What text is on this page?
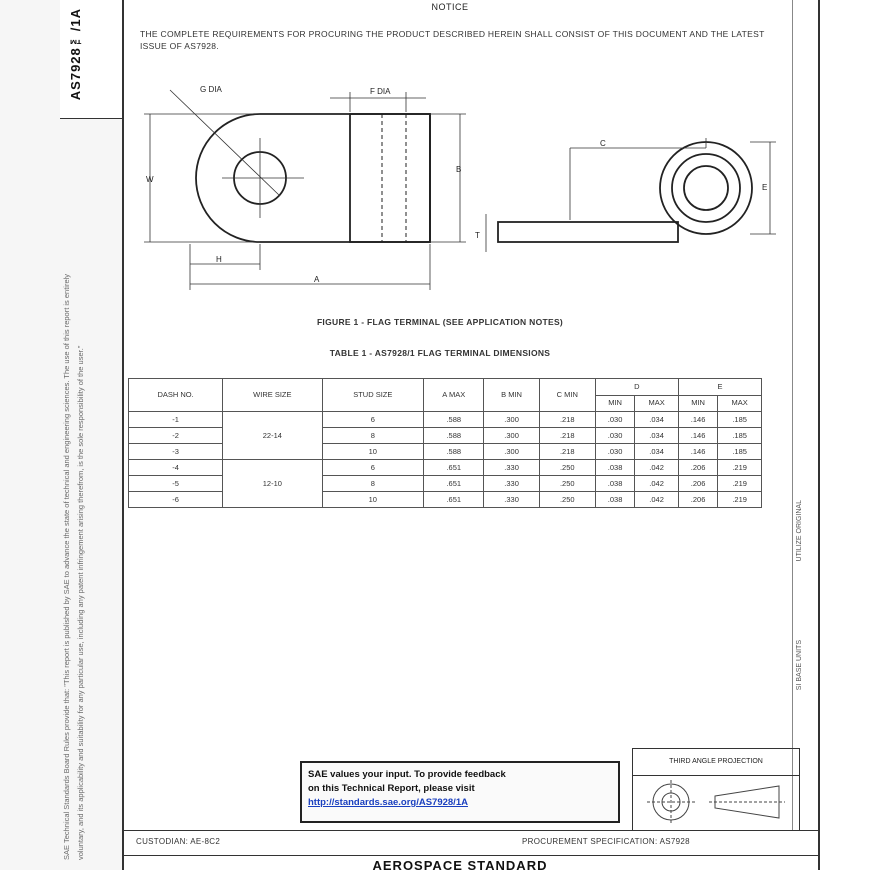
AS7928™/1A
SAE Technical Standards Board Rules provide that: "This report is published by SAE to advance the state of technical and engineering sciences. The use of this report is entirely voluntary, and its applicability and suitability for any particular use, including any patent infringement arising therefrom, is the sole responsibility of the user."
NOTICE
THE COMPLETE REQUIREMENTS FOR PROCURING THE PRODUCT DESCRIBED HEREIN SHALL CONSIST OF THIS DOCUMENT AND THE LATEST ISSUE OF AS7928.
G DIA	F DIA
W
B
H
A
C
T
E
FIGURE 1 - FLAG TERMINAL (SEE APPLICATION NOTES)
TABLE 1 - AS7928/1 FLAG TERMINAL DIMENSIONS
DASH NO.	WIRE SIZE	STUD SIZE	A MAX	B MIN	C MIN	D		E	
						MIN	MAX	MIN	MAX
-1	22-14	6	.588	.300	.218	.030	.034	.146	.185
-2		8	.588	.300	.218	.030	.034	.146	.185
-3		10	.588	.300	.218	.030	.034	.146	.185
-4	12-10	6	.651	.330	.250	.038	.042	.206	.219
-5		8	.651	.330	.250	.038	.042	.206	.219
-6		10	.651	.330	.250	.038	.042	.206	.219
UTILIZE ORIGINAL
SI BASE UNITS
THIRD ANGLE PROJECTION
SAE values your input. To provide feedback
on this Technical Report, please visit
http://standards.sae.org/AS7928/1A
CUSTODIAN: AE-8C2	PROCUREMENT SPECIFICATION: AS7928
AEROSPACE STANDARD
